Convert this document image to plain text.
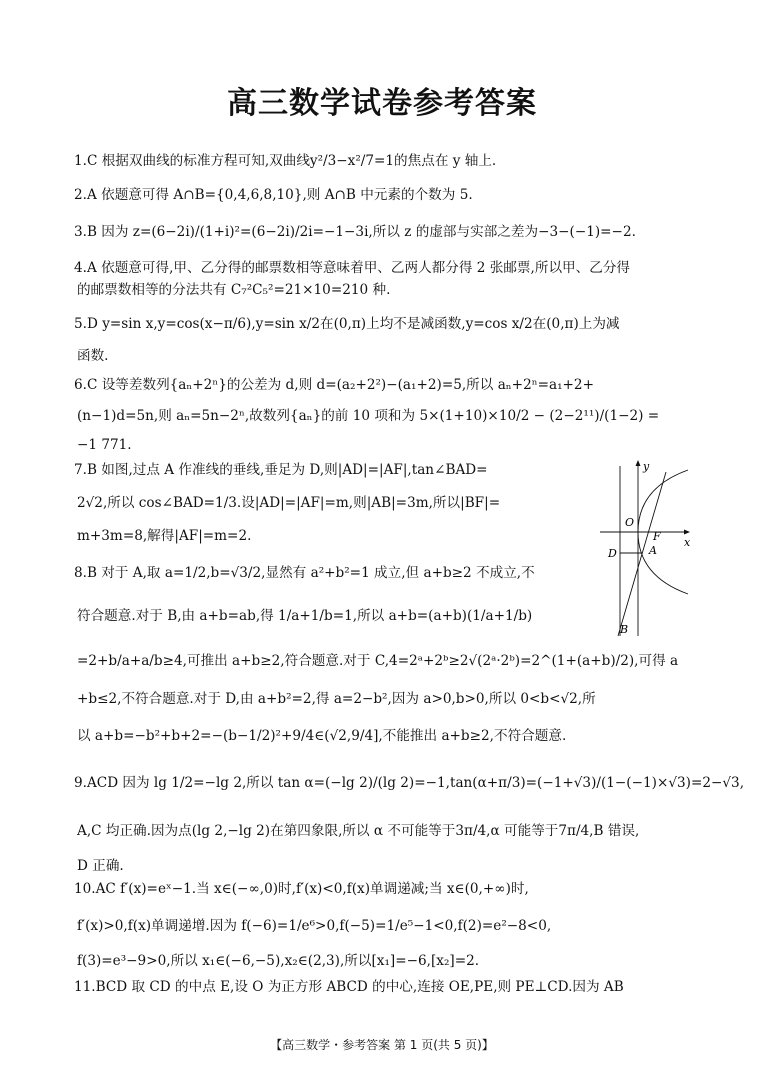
高三数学试卷参考答案
1.C 根据双曲线的标准方程可知,双曲线y²/3−x²/7=1的焦点在 y 轴上.
2.A 依题意可得 A∩B={0,4,6,8,10},则 A∩B 中元素的个数为 5.
3.B 因为 z=(6−2i)/(1+i)²=(6−2i)/2i=−1−3i,所以 z 的虚部与实部之差为−3−(−1)=−2.
4.A 依题意可得,甲、乙分得的邮票数相等意味着甲、乙两人都分得 2 张邮票,所以甲、乙分得
的邮票数相等的分法共有 C₇²C₅²=21×10=210 种.
5.D y=sin x,y=cos(x−π/6),y=sin x/2在(0,π)上均不是减函数,y=cos x/2在(0,π)上为减
函数.
6.C 设等差数列{aₙ+2ⁿ}的公差为 d,则 d=(a₂+2²)−(a₁+2)=5,所以 aₙ+2ⁿ=a₁+2+
(n−1)d=5n,则 aₙ=5n−2ⁿ,故数列{aₙ}的前 10 项和为 5×(1+10)×10/2 − (2−2¹¹)/(1−2) =
−1 771.
7.B 如图,过点 A 作准线的垂线,垂足为 D,则|AD|=|AF|,tan∠BAD=
2√2,所以 cos∠BAD=1/3.设|AD|=|AF|=m,则|AB|=3m,所以|BF|=
m+3m=8,解得|AF|=m=2.
8.B 对于 A,取 a=1/2,b=√3/2,显然有 a²+b²=1 成立,但 a+b≥2 不成立,不
符合题意.对于 B,由 a+b=ab,得 1/a+1/b=1,所以 a+b=(a+b)(1/a+1/b)
=2+b/a+a/b≥4,可推出 a+b≥2,符合题意.对于 C,4=2ᵃ+2ᵇ≥2√(2ᵃ·2ᵇ)=2^(1+(a+b)/2),可得 a
+b≤2,不符合题意.对于 D,由 a+b²=2,得 a=2−b²,因为 a>0,b>0,所以 0<b<√2,所
以 a+b=−b²+b+2=−(b−1/2)²+9/4∈(√2,9/4],不能推出 a+b≥2,不符合题意.
9.ACD 因为 lg 1/2=−lg 2,所以 tan α=(−lg 2)/(lg 2)=−1,tan(α+π/3)=(−1+√3)/(1−(−1)×√3)=2−√3,
A,C 均正确.因为点(lg 2,−lg 2)在第四象限,所以 α 不可能等于3π/4,α 可能等于7π/4,B 错误,
D 正确.
10.AC f′(x)=eˣ−1.当 x∈(−∞,0)时,f′(x)<0,f(x)单调递减;当 x∈(0,+∞)时,
f′(x)>0,f(x)单调递增.因为 f(−6)=1/e⁶>0,f(−5)=1/e⁵−1<0,f(2)=e²−8<0,
f(3)=e³−9>0,所以 x₁∈(−6,−5),x₂∈(2,3),所以[x₁]=−6,[x₂]=2.
11.BCD 取 CD 的中点 E,设 O 为正方形 ABCD 的中心,连接 OE,PE,则 PE⊥CD.因为 AB
y
x
O
F
D	A
B
【高三数学・参考答案 第 1 页(共 5 页)】
